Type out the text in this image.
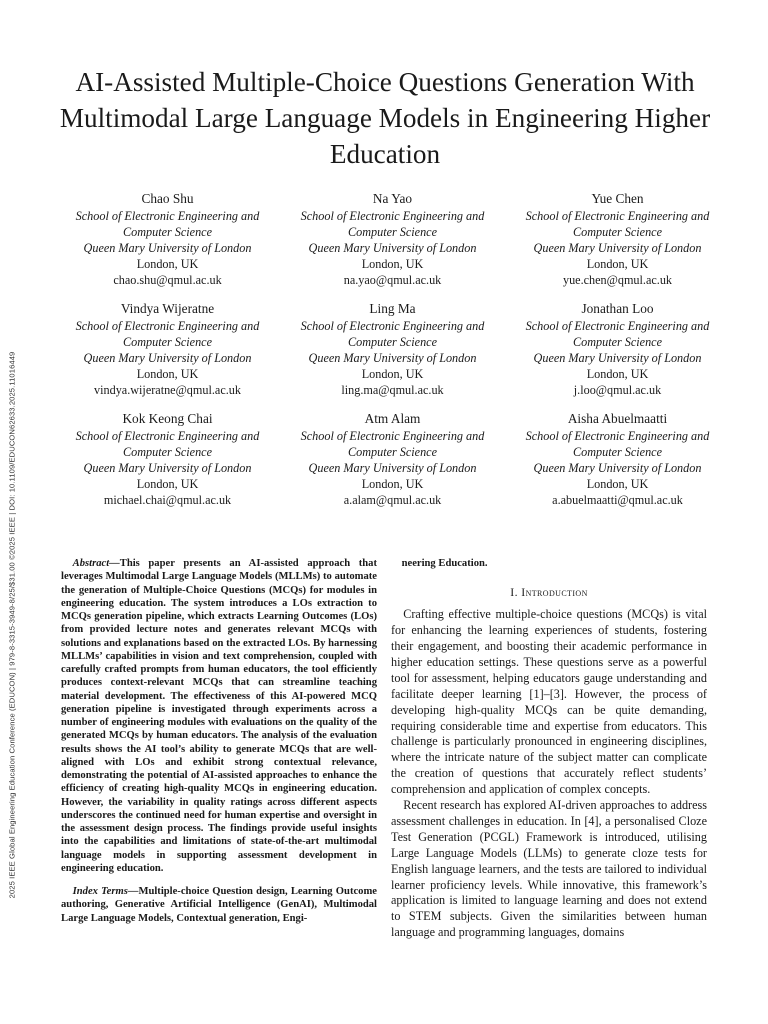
2025 IEEE Global Engineering Education Conference (EDUCON) | 979-8-3315-3949-8/25/$31.00 ©2025 IEEE | DOI: 10.1109/EDUCON62633.2025.11016449
AI-Assisted Multiple-Choice Questions Generation With Multimodal Large Language Models in Engineering Higher Education
Chao Shu
School of Electronic Engineering and
Computer Science
Queen Mary University of London
London, UK
chao.shu@qmul.ac.uk
Na Yao
School of Electronic Engineering and
Computer Science
Queen Mary University of London
London, UK
na.yao@qmul.ac.uk
Yue Chen
School of Electronic Engineering and
Computer Science
Queen Mary University of London
London, UK
yue.chen@qmul.ac.uk
Vindya Wijeratne
School of Electronic Engineering and
Computer Science
Queen Mary University of London
London, UK
vindya.wijeratne@qmul.ac.uk
Ling Ma
School of Electronic Engineering and
Computer Science
Queen Mary University of London
London, UK
ling.ma@qmul.ac.uk
Jonathan Loo
School of Electronic Engineering and
Computer Science
Queen Mary University of London
London, UK
j.loo@qmul.ac.uk
Kok Keong Chai
School of Electronic Engineering and
Computer Science
Queen Mary University of London
London, UK
michael.chai@qmul.ac.uk
Atm Alam
School of Electronic Engineering and
Computer Science
Queen Mary University of London
London, UK
a.alam@qmul.ac.uk
Aisha Abuelmaatti
School of Electronic Engineering and
Computer Science
Queen Mary University of London
London, UK
a.abuelmaatti@qmul.ac.uk

Abstract—This paper presents an AI-assisted approach that leverages Multimodal Large Language Models (MLLMs) to automate the generation of Multiple-Choice Questions (MCQs) for modules in engineering education. The system introduces a LOs extraction to MCQs generation pipeline, which extracts Learning Outcomes (LOs) from provided lecture notes and generates relevant MCQs with solutions and explanations based on the extracted LOs. By harnessing MLLMs’ capabilities in vision and text comprehension, coupled with carefully crafted prompts from human educators, the tool efficiently produces context-relevant MCQs that can streamline teaching material development. The effectiveness of this AI-powered MCQ generation pipeline is investigated through experiments across a number of engineering modules with evaluations on the quality of the generated MCQs by human educators. The analysis of the evaluation results shows the AI tool’s ability to generate MCQs that are well-aligned with LOs and exhibit strong contextual relevance, demonstrating the potential of AI-assisted approaches to enhance the efficiency of creating high-quality MCQs in engineering education. However, the variability in quality ratings across different aspects underscores the continued need for human expertise and oversight in the assessment design process. The findings provide useful insights into the capabilities and limitations of state-of-the-art multimodal language models in supporting assessment development in engineering education.

Index Terms—Multiple-choice Question design, Learning Outcome authoring, Generative Artificial Intelligence (GenAI), Multimodal Large Language Models, Contextual generation, Engi-

neering Education.

I. Introduction

Crafting effective multiple-choice questions (MCQs) is vital for enhancing the learning experiences of students, fostering their engagement, and boosting their academic performance in higher education settings. These questions serve as a powerful tool for assessment, helping educators gauge understanding and facilitate deeper learning [1]–[3]. However, the process of developing high-quality MCQs can be quite demanding, requiring considerable time and expertise from educators. This challenge is particularly pronounced in engineering disciplines, where the intricate nature of the subject matter can complicate the creation of questions that accurately reflect students’ comprehension and application of complex concepts.

Recent research has explored AI-driven approaches to address assessment challenges in education. In [4], a personalised Cloze Test Generation (PCGL) Framework is introduced, utilising Large Language Models (LLMs) to generate cloze tests for English language learners, and the tests are tailored to individual learner proficiency levels. While innovative, this framework’s application is limited to language learning and does not extend to STEM subjects. Given the similarities between human language and programming languages, domains
